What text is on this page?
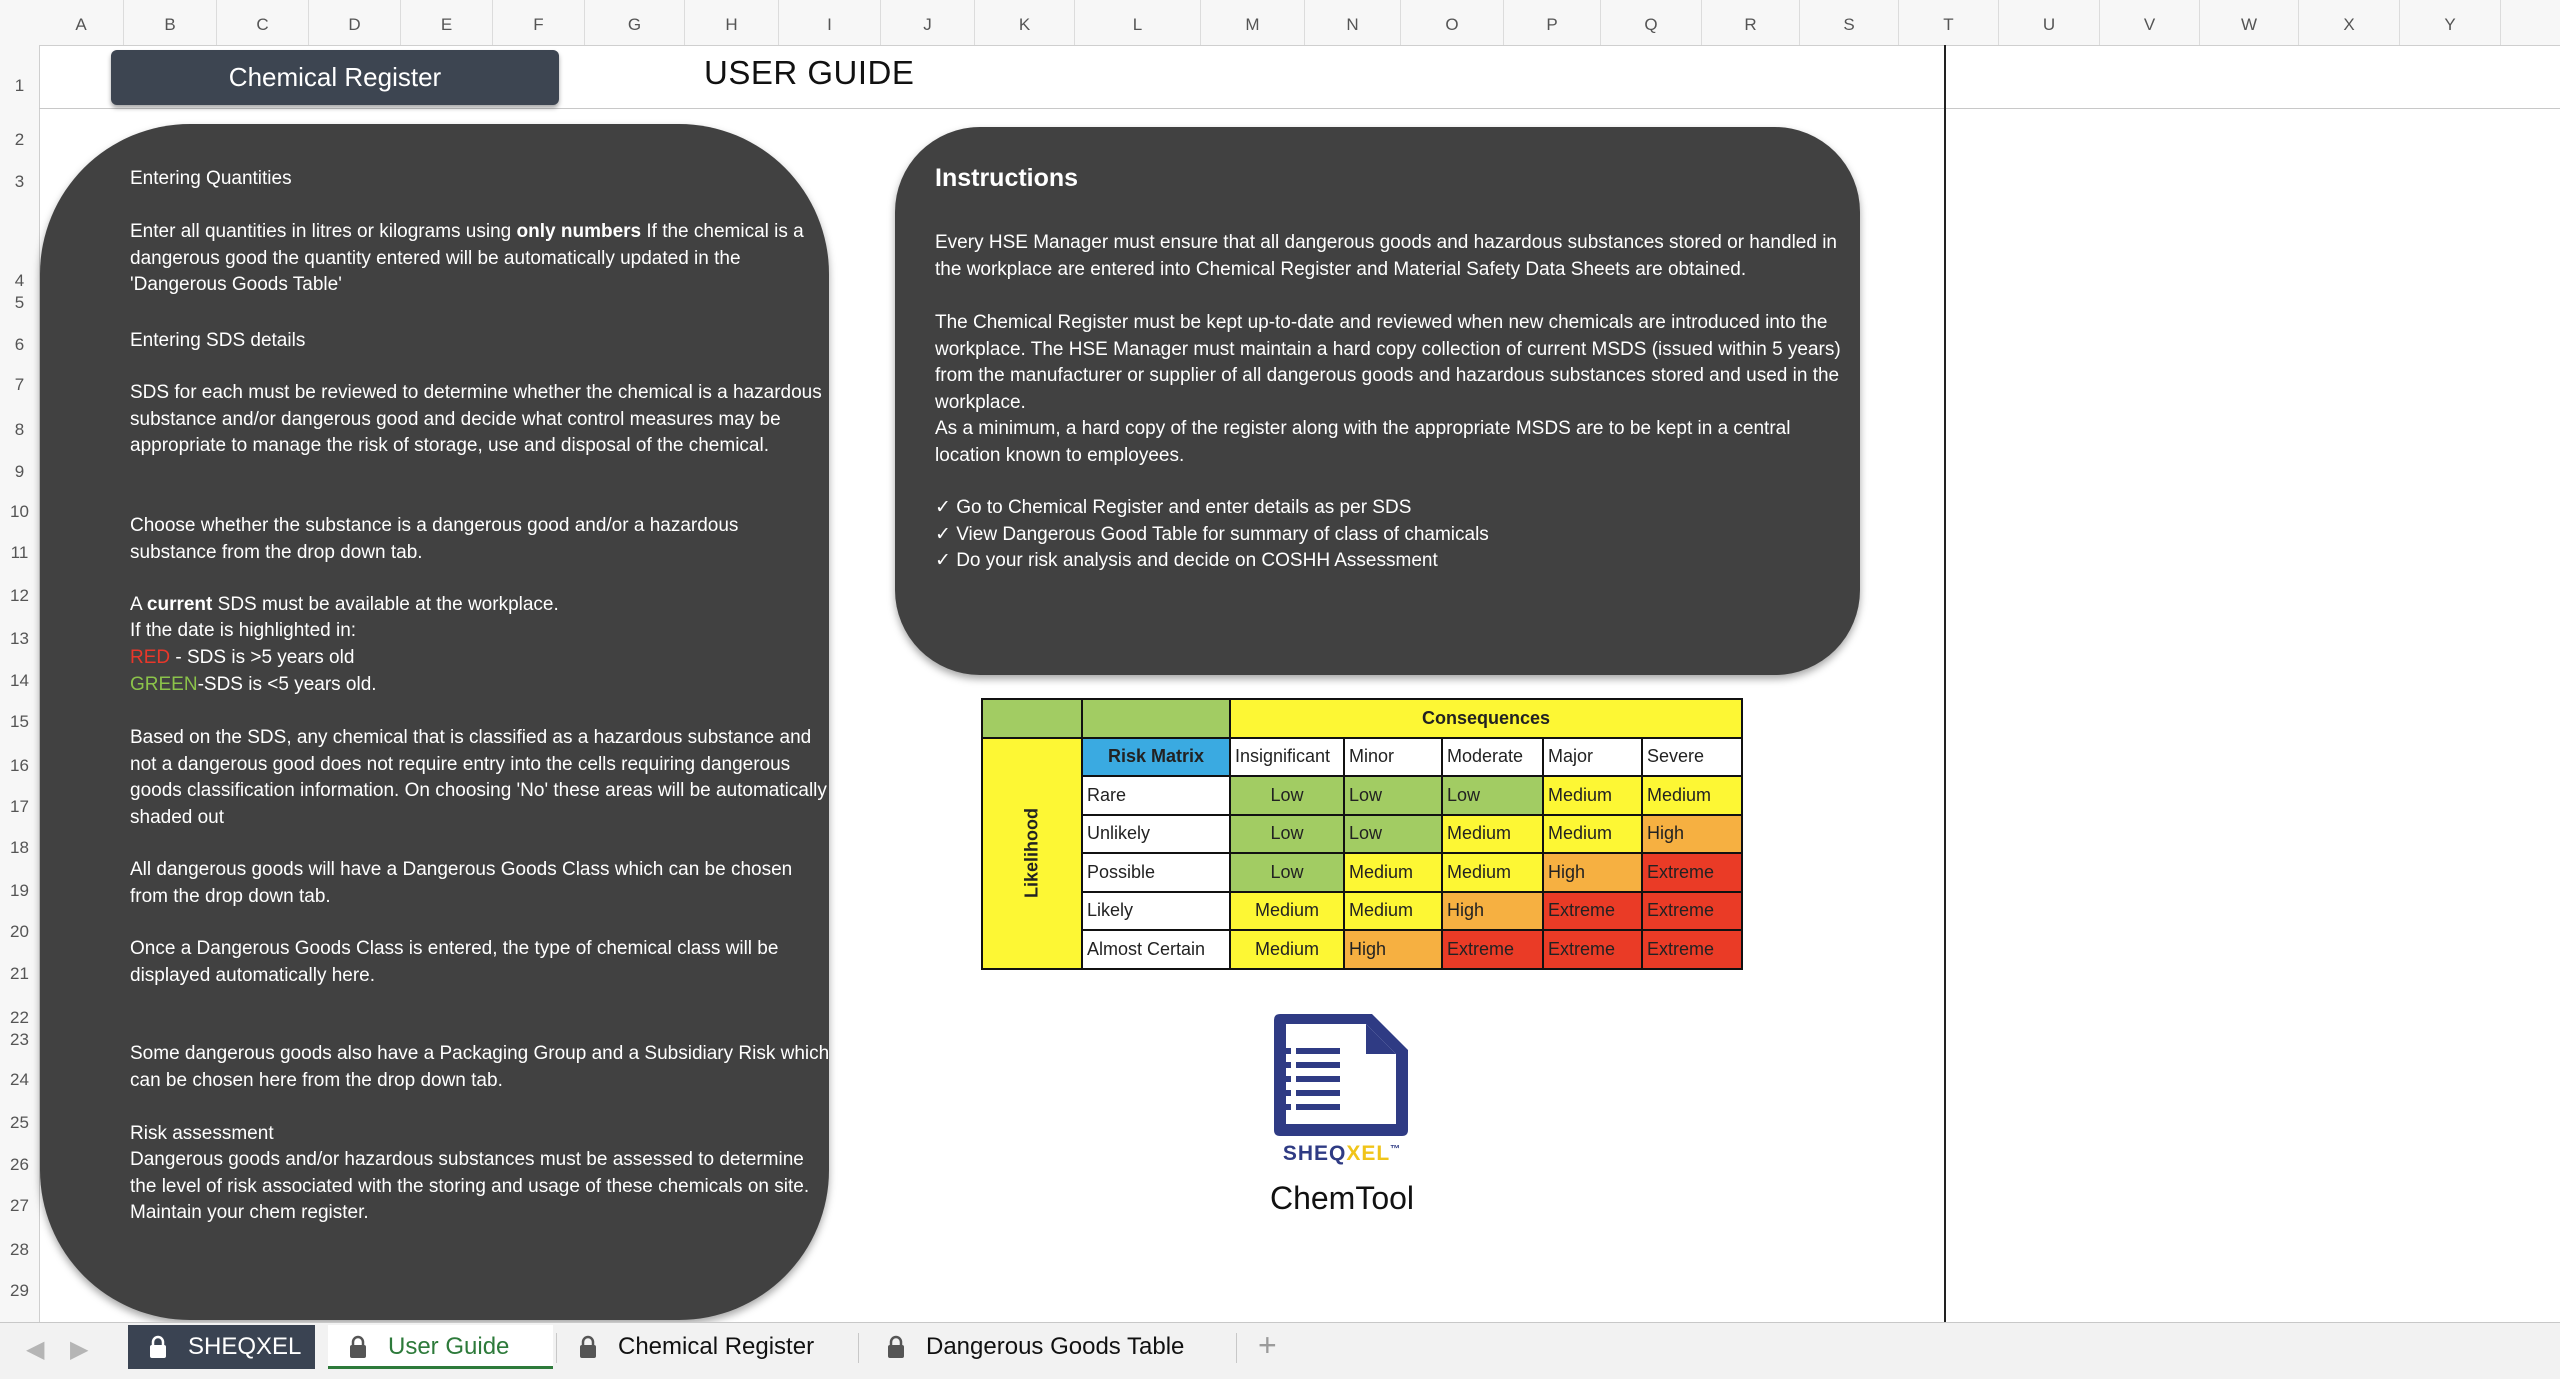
A	B	C	D	E	F	G	H	I	J	K	L	M	N	O	P	Q	R	S	T	U	V	W	X	Y
1
2
3
4
5
6
7
8
9
10
11
12
13
14
15
16
17
18
19
20
21
22
23
24
25
26
27
28
29
Chemical Register	USER GUIDE
Entering Quantities
Enter all quantities in litres or kilograms using only numbers If the chemical is a dangerous good the quantity entered will be automatically updated in the 'Dangerous Goods Table'
Entering SDS details
SDS for each must be reviewed to determine whether the chemical is a hazardous substance and/or dangerous good and decide what control measures may be appropriate to manage the risk of storage, use and disposal of the chemical.
Choose whether the substance is a dangerous good and/or a hazardous substance from the drop down tab.
A current SDS must be available at the workplace.
If the date is highlighted in:
RED - SDS is >5 years old
GREEN-SDS is <5 years old.
Based on the SDS, any chemical that is classified as a hazardous substance and not a dangerous good does not require entry into the cells requiring dangerous goods classification information. On choosing 'No' these areas will be automatically shaded out
All dangerous goods will have a Dangerous Goods Class which can be chosen from the drop down tab.
Once a Dangerous Goods Class is entered, the type of chemical class will be displayed automatically here.
Some dangerous goods also have a Packaging Group and a Subsidiary Risk which can be chosen here from the drop down tab.
Risk assessment
Dangerous goods and/or hazardous substances must be assessed to determine the level of risk associated with the storing and usage of these chemicals on site. Maintain your chem register.
Instructions
Every HSE Manager must ensure that all dangerous goods and hazardous substances stored or handled in the workplace are entered into Chemical Register and Material Safety Data Sheets are obtained.
The Chemical Register must be kept up-to-date and reviewed when new chemicals are introduced into the workplace. The HSE Manager must maintain a hard copy collection of current MSDS (issued within 5 years) from the manufacturer or supplier of all dangerous goods and hazardous substances stored and used in the workplace.
As a minimum, a hard copy of the register along with the appropriate MSDS are to be kept in a central location known to employees.
✓ Go to Chemical Register and enter details as per SDS
✓ View Dangerous Good Table for summary of class of chamicals
✓ Do your risk analysis and decide on COSHH Assessment
		Consequences				

Likelihood	Risk Matrix	Insignificant	Minor	Moderate	Major	Severe
	Rare	Low	Low	Low	Medium	Medium
	Unlikely	Low	Low	Medium	Medium	High
	Possible	Low	Medium	Medium	High	Extreme
	Likely	Medium	Medium	High	Extreme	Extreme
	Almost Certain	Medium	High	Extreme	Extreme	Extreme
SHEQXEL™
ChemTool
◀ ▶	SHEQXEL	User Guide	Chemical Register	Dangerous Goods Table	+
